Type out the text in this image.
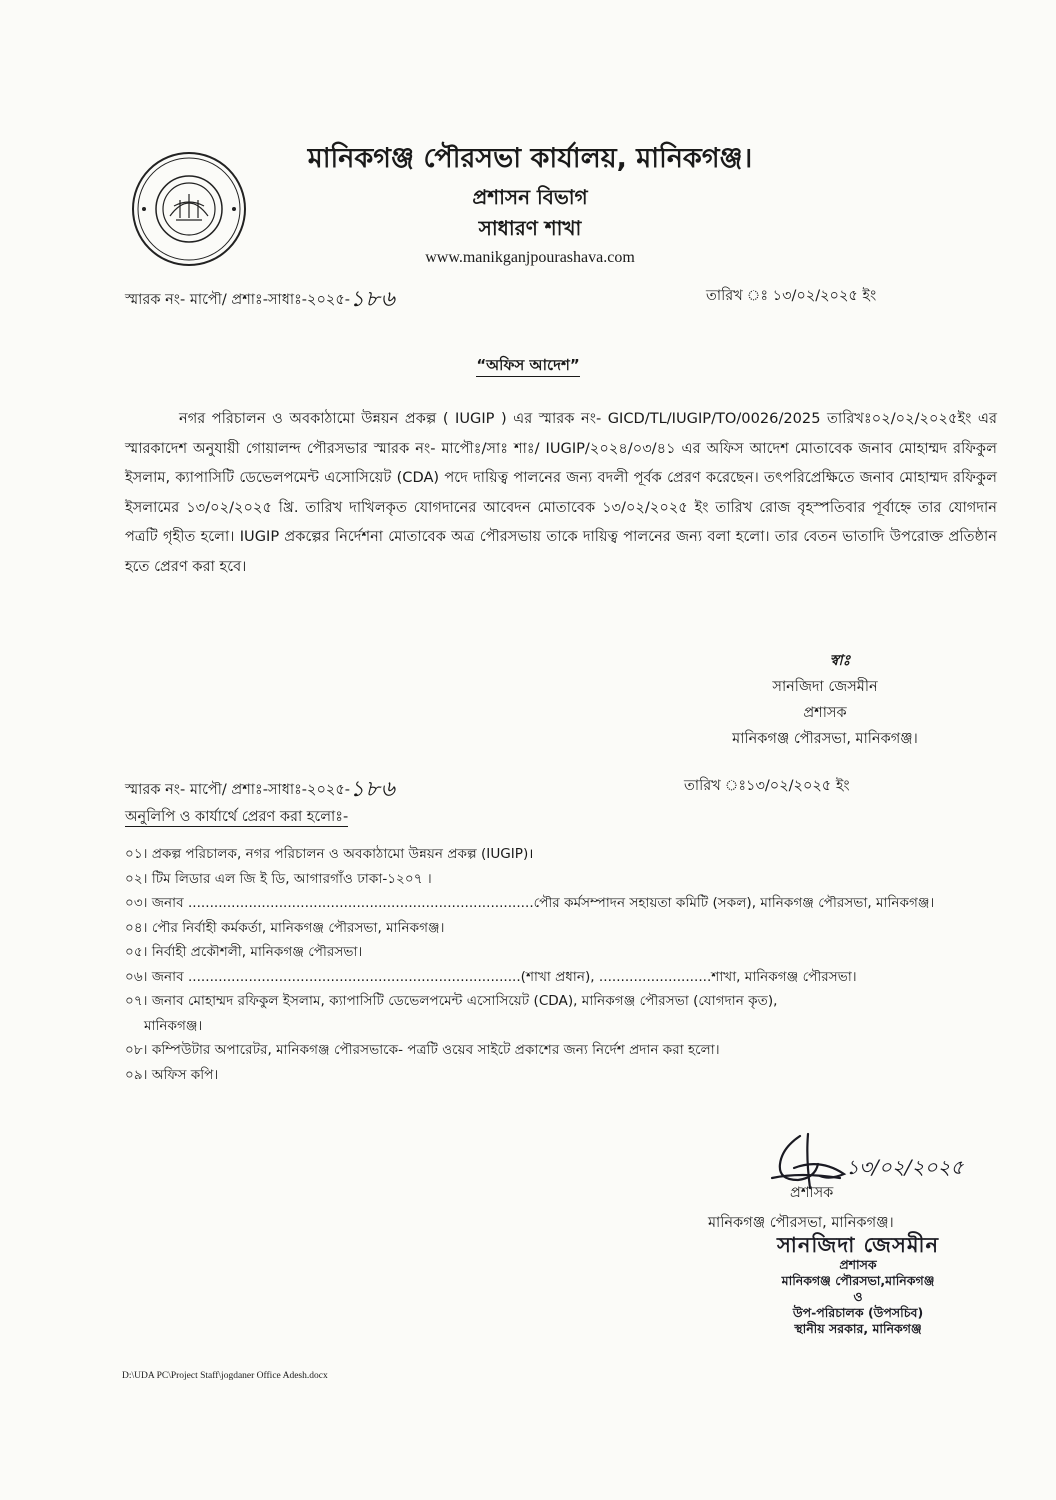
মানিকগঞ্জ পৌরসভা কার্যালয়, মানিকগঞ্জ।
প্রশাসন বিভাগ
সাধারণ শাখা
www.manikganjpourashava.com
স্মারক নং- মাপৌ/ প্রশাঃ-সাধাঃ-২০২৫-১৮৬	তারিখ ঃ ১৩/০২/২০২৫ ইং
“অফিস আদেশ”
নগর পরিচালন ও অবকাঠামো উন্নয়ন প্রকল্প ( IUGIP ) এর স্মারক নং- GICD/TL/IUGIP/TO/0026/2025 তারিখঃ০২/০২/২০২৫ইং এর স্মারকাদেশ অনুযায়ী গোয়ালন্দ পৌরসভার স্মারক নং- মাপৌঃ/সাঃ শাঃ/ IUGIP/২০২৪/০৩/৪১ এর অফিস আদেশ মোতাবেক জনাব মোহাম্মদ রফিকুল ইসলাম, ক্যাপাসিটি ডেভেলপমেন্ট এসোসিয়েট (CDA) পদে দায়িত্ব পালনের জন্য বদলী পূর্বক প্রেরণ করেছেন। তৎপরিপ্রেক্ষিতে জনাব মোহাম্মদ রফিকুল ইসলামের ১৩/০২/২০২৫ খ্রি. তারিখ দাখিলকৃত যোগদানের আবেদন মোতাবেক ১৩/০২/২০২৫ ইং তারিখ রোজ বৃহস্পতিবার পূর্বাহ্নে তার যোগদান পত্রটি গৃহীত হলো। IUGIP প্রকল্পের নির্দেশনা মোতাবেক অত্র পৌরসভায় তাকে দায়িত্ব পালনের জন্য বলা হলো। তার বেতন ভাতাদি উপরোক্ত প্রতিষ্ঠান হতে প্রেরণ করা হবে।
স্বাঃ
সানজিদা জেসমীন
প্রশাসক
মানিকগঞ্জ পৌরসভা, মানিকগঞ্জ।
স্মারক নং- মাপৌ/ প্রশাঃ-সাধাঃ-২০২৫-১৮৬	তারিখ ঃ১৩/০২/২০২৫ ইং
অনুলিপি ও কার্যার্থে প্রেরণ করা হলোঃ-
০১। প্রকল্প পরিচালক, নগর পরিচালন ও অবকাঠামো উন্নয়ন প্রকল্প (IUGIP)।
০২। টিম লিডার এল জি ই ডি, আগারগাঁও ঢাকা-১২০৭ ।
০৩। জনাব ................................................................................পৌর কর্মসম্পাদন সহায়তা কমিটি (সকল), মানিকগঞ্জ পৌরসভা, মানিকগঞ্জ।
০৪। পৌর নির্বাহী কর্মকর্তা, মানিকগঞ্জ পৌরসভা, মানিকগঞ্জ।
০৫। নির্বাহী প্রকৌশলী, মানিকগঞ্জ পৌরসভা।
০৬। জনাব .............................................................................(শাখা প্রধান), ..........................শাখা, মানিকগঞ্জ পৌরসভা।
০৭। জনাব মোহাম্মদ রফিকুল ইসলাম, ক্যাপাসিটি ডেভেলপমেন্ট এসোসিয়েট (CDA), মানিকগঞ্জ পৌরসভা (যোগদান কৃত),
মানিকগঞ্জ।
০৮। কম্পিউটার অপারেটর, মানিকগঞ্জ পৌরসভাকে- পত্রটি ওয়েব সাইটে প্রকাশের জন্য নির্দেশ প্রদান করা হলো।
০৯। অফিস কপি।
১৩/০২/২০২৫
প্রশাসক
মানিকগঞ্জ পৌরসভা, মানিকগঞ্জ।
সানজিদা জেসমীন
প্রশাসক
মানিকগঞ্জ পৌরসভা,মানিকগঞ্জ
ও
উপ-পরিচালক (উপসচিব)
স্থানীয় সরকার, মানিকগঞ্জ
D:\UDA PC\Project Staff\jogdaner Office Adesh.docx
